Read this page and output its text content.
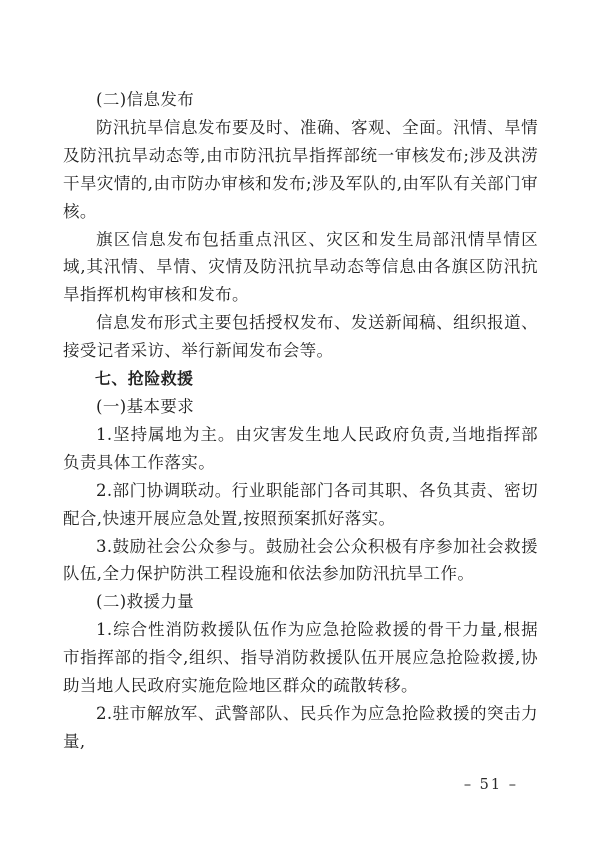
(二)信息发布

防汛抗旱信息发布要及时、准确、客观、全面。汛情、旱情及防汛抗旱动态等,由市防汛抗旱指挥部统一审核发布;涉及洪涝干旱灾情的,由市防办审核和发布;涉及军队的,由军队有关部门审核。

旗区信息发布包括重点汛区、灾区和发生局部汛情旱情区域,其汛情、旱情、灾情及防汛抗旱动态等信息由各旗区防汛抗旱指挥机构审核和发布。

信息发布形式主要包括授权发布、发送新闻稿、组织报道、接受记者采访、举行新闻发布会等。

七、抢险救援

(一)基本要求

1.坚持属地为主。由灾害发生地人民政府负责,当地指挥部负责具体工作落实。

2.部门协调联动。行业职能部门各司其职、各负其责、密切配合,快速开展应急处置,按照预案抓好落实。

3.鼓励社会公众参与。鼓励社会公众积极有序参加社会救援队伍,全力保护防洪工程设施和依法参加防汛抗旱工作。

(二)救援力量

1.综合性消防救援队伍作为应急抢险救援的骨干力量,根据市指挥部的指令,组织、指导消防救援队伍开展应急抢险救援,协助当地人民政府实施危险地区群众的疏散转移。

2.驻市解放军、武警部队、民兵作为应急抢险救援的突击力量,

– 51 –
